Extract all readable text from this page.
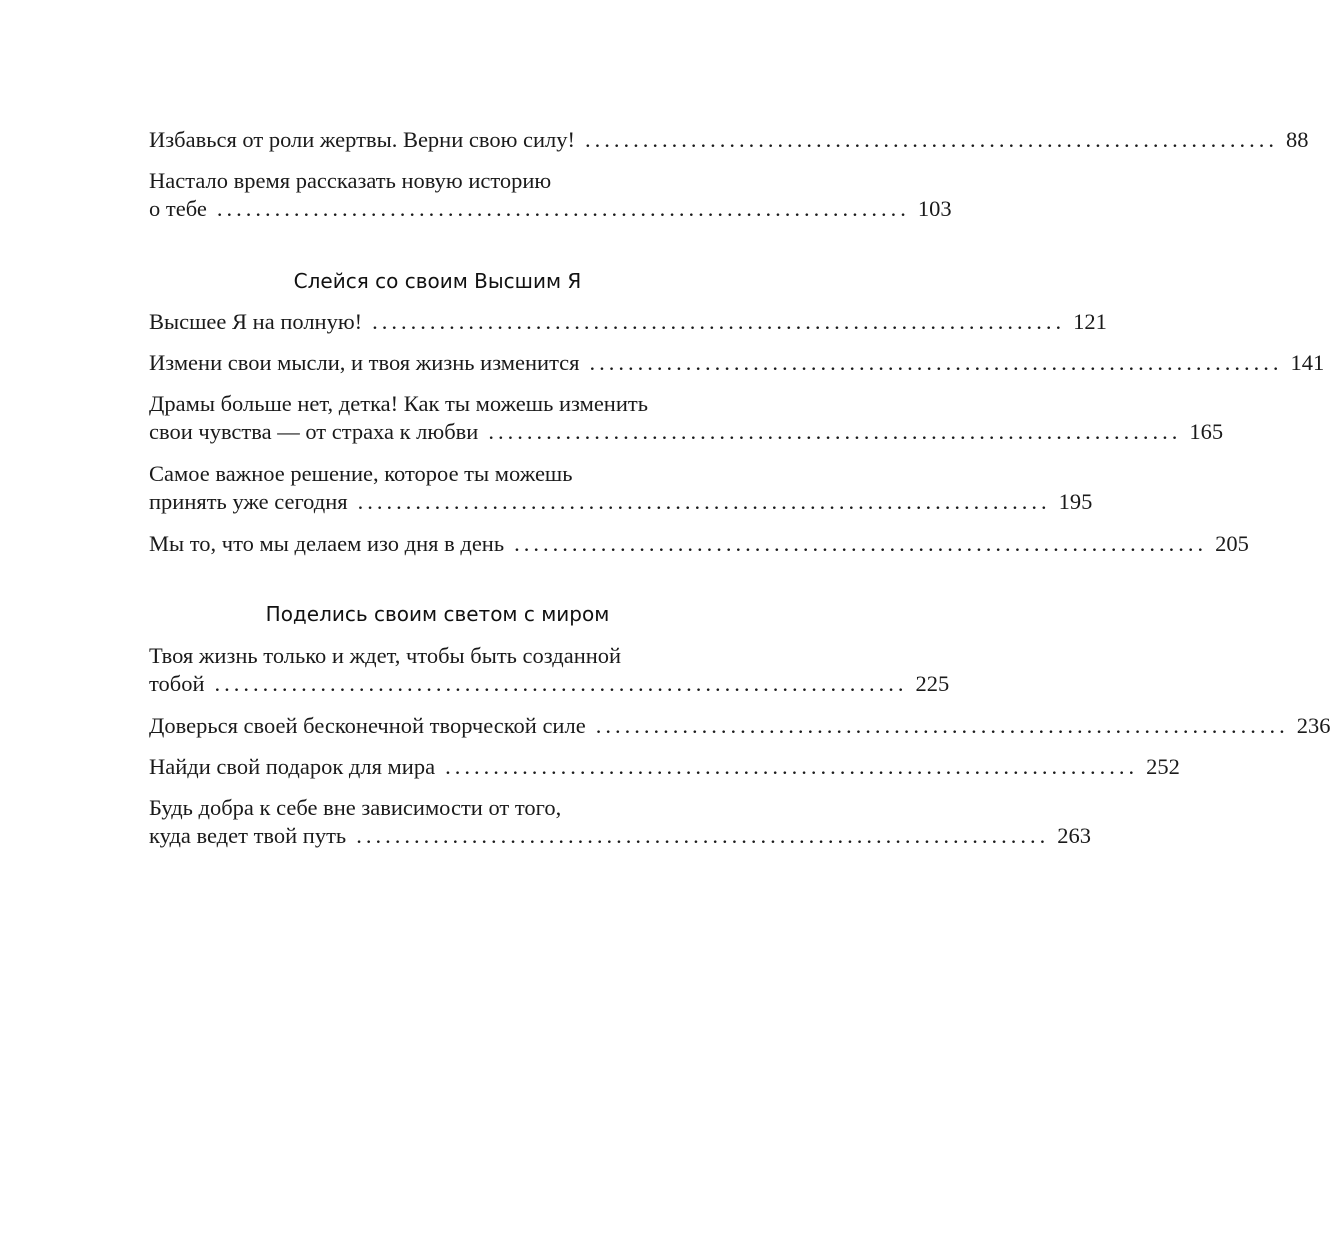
Избавься от роли жертвы. Верни свою силу! ........................................................................ 88
Настало время рассказать новую историю
о тебе ........................................................................ 103
Слейся со своим Высшим Я
Высшее Я на полную! ........................................................................ 121
Измени свои мысли, и твоя жизнь изменится ........................................................................ 141
Драмы больше нет, детка! Как ты можешь изменить
свои чувства — от страха к любви ........................................................................ 165
Самое важное решение, которое ты можешь
принять уже сегодня ........................................................................ 195
Мы то, что мы делаем изо дня в день ........................................................................ 205
Поделись своим светом с миром
Твоя жизнь только и ждет, чтобы быть созданной
тобой ........................................................................ 225
Доверься своей бесконечной творческой силе ........................................................................ 236
Найди свой подарок для мира ........................................................................ 252
Будь добра к себе вне зависимости от того,
куда ведет твой путь ........................................................................ 263
